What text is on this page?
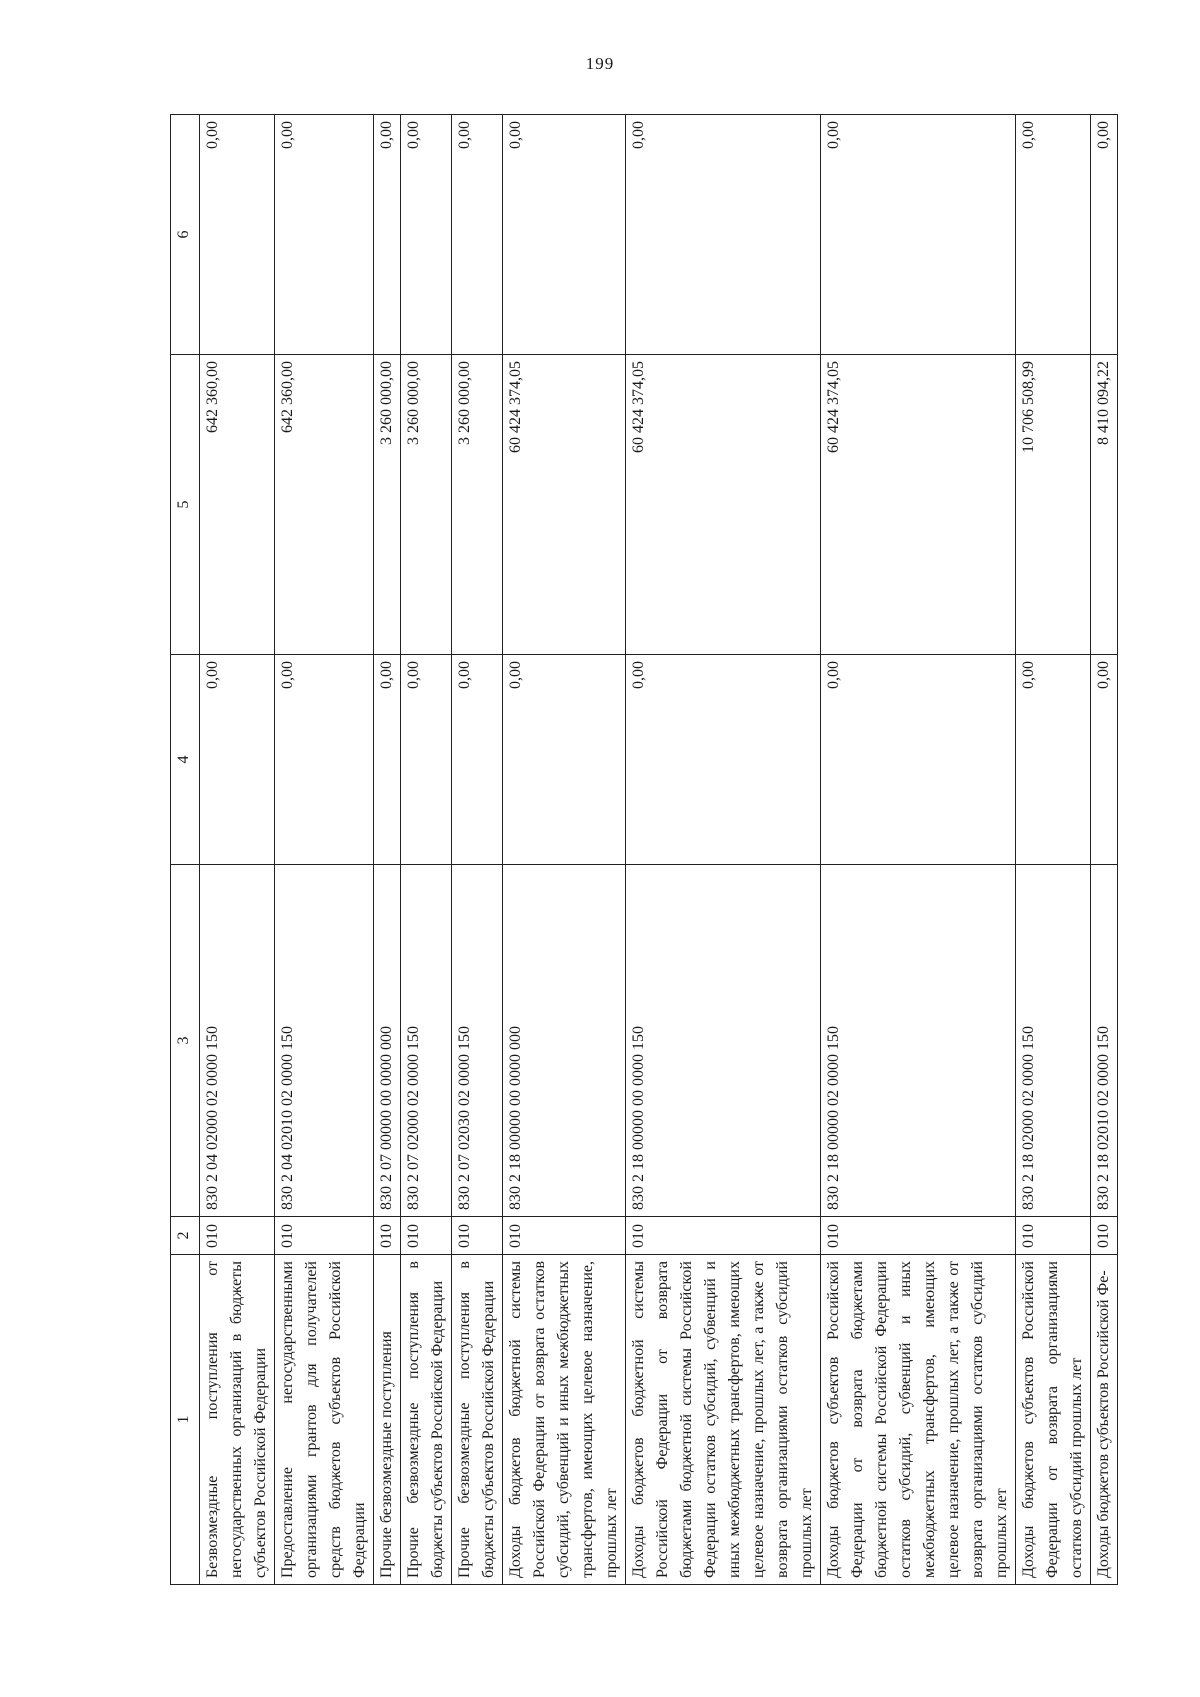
199
1	2	3	4	5	6
Безвозмездные поступления от негосударственных организаций в бюджеты субъектов Российской Федерации	010	830 2 04 02000 02 0000 150	0,00	642 360,00	0,00
Предоставление негосударственными организациями грантов для получателей средств бюджетов субъектов Российской Федерации	010	830 2 04 02010 02 0000 150	0,00	642 360,00	0,00
Прочие безвозмездные поступления	010	830 2 07 00000 00 0000 000	0,00	3 260 000,00	0,00
Прочие безвозмездные поступления в бюджеты субъектов Российской Федерации	010	830 2 07 02000 02 0000 150	0,00	3 260 000,00	0,00
Прочие безвозмездные поступления в бюджеты субъектов Российской Федерации	010	830 2 07 02030 02 0000 150	0,00	3 260 000,00	0,00
Доходы бюджетов бюджетной системы Российской Федерации от возврата остатков субсидий, субвенций и иных межбюджетных трансфертов, имеющих целевое назначение, прошлых лет	010	830 2 18 00000 00 0000 000	0,00	60 424 374,05	0,00
Доходы бюджетов бюджетной системы Российской Федерации от возврата бюджетами бюджетной системы Российской Федерации остатков субсидий, субвенций и иных межбюджетных трансфертов, имеющих целевое назначение, прошлых лет, а также от возврата организациями остатков субсидий прошлых лет	010	830 2 18 00000 00 0000 150	0,00	60 424 374,05	0,00
Доходы бюджетов субъектов Российской Федерации от возврата бюджетами бюджетной системы Российской Федерации остатков субсидий, субвенций и иных межбюджетных трансфертов, имеющих целевое назначение, прошлых лет, а также от возврата организациями остатков субсидий прошлых лет	010	830 2 18 00000 02 0000 150	0,00	60 424 374,05	0,00
Доходы бюджетов субъектов Российской Федерации от возврата организациями остатков субсидий прошлых лет	010	830 2 18 02000 02 0000 150	0,00	10 706 508,99	0,00
Доходы бюджетов субъектов Российской Фе-	010	830 2 18 02010 02 0000 150	0,00	8 410 094,22	0,00
